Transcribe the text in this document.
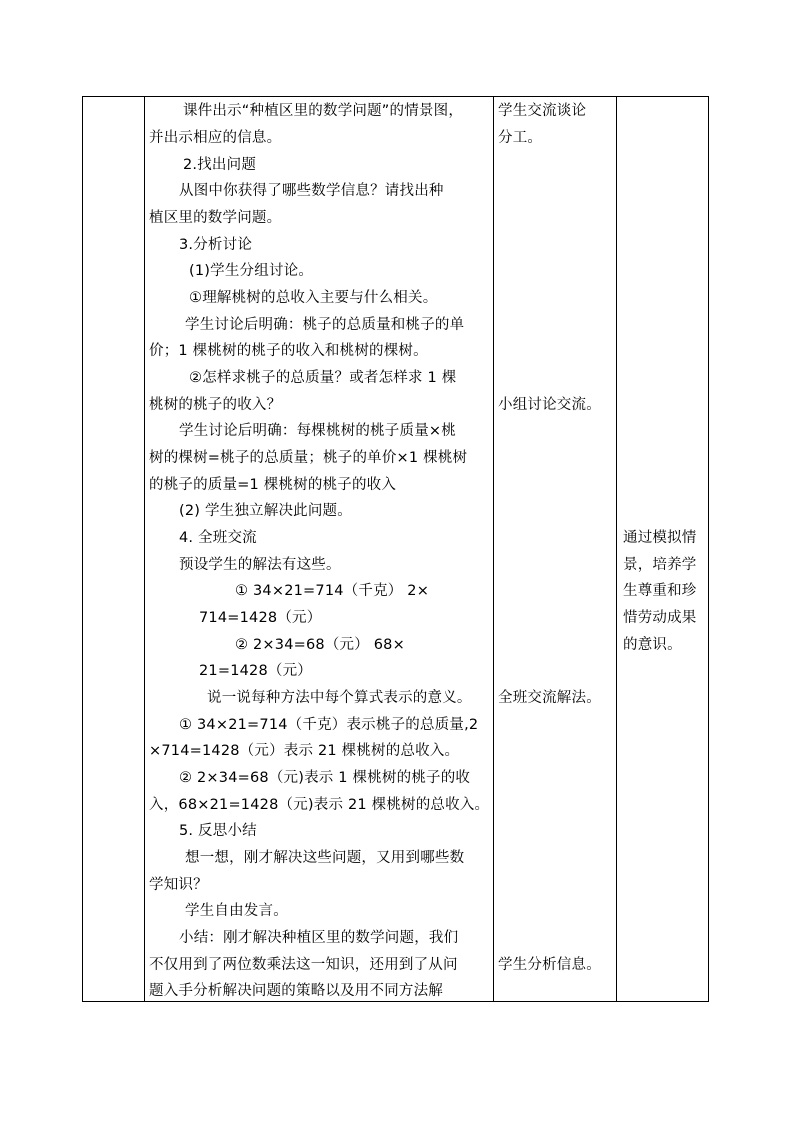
课件出示“种植区里的数学问题”的情景图，
并出示相应的信息。
2.找出问题
从图中你获得了哪些数学信息？请找出种
植区里的数学问题。
3.分析讨论
(1)学生分组讨论。
①理解桃树的总收入主要与什么相关。
学生讨论后明确：桃子的总质量和桃子的单
价；1 棵桃树的桃子的收入和桃树的棵树。
②怎样求桃子的总质量？或者怎样求 1 棵
桃树的桃子的收入？
学生讨论后明确：每棵桃树的桃子质量×桃
树的棵树=桃子的总质量；桃子的单价×1 棵桃树
的桃子的质量=1 棵桃树的桃子的收入
(2) 学生独立解决此问题。
4. 全班交流
预设学生的解法有这些。
① 34×21=714（千克） 2×
714=1428（元）
② 2×34=68（元） 68×
21=1428（元）
说一说每种方法中每个算式表示的意义。
① 34×21=714（千克）表示桃子的总质量,2
×714=1428（元）表示 21 棵桃树的总收入。
② 2×34=68（元)表示 1 棵桃树的桃子的收
入，68×21=1428（元)表示 21 棵桃树的总收入。
5. 反思小结
想一想，刚才解决这些问题，又用到哪些数
学知识？
学生自由发言。
小结：刚才解决种植区里的数学问题，我们
不仅用到了两位数乘法这一知识，还用到了从问
题入手分析解决问题的策略以及用不同方法解
学生交流谈论
分工。
小组讨论交流。
全班交流解法。
学生分析信息。
通过模拟情
景，培养学
生尊重和珍
惜劳动成果
的意识。
